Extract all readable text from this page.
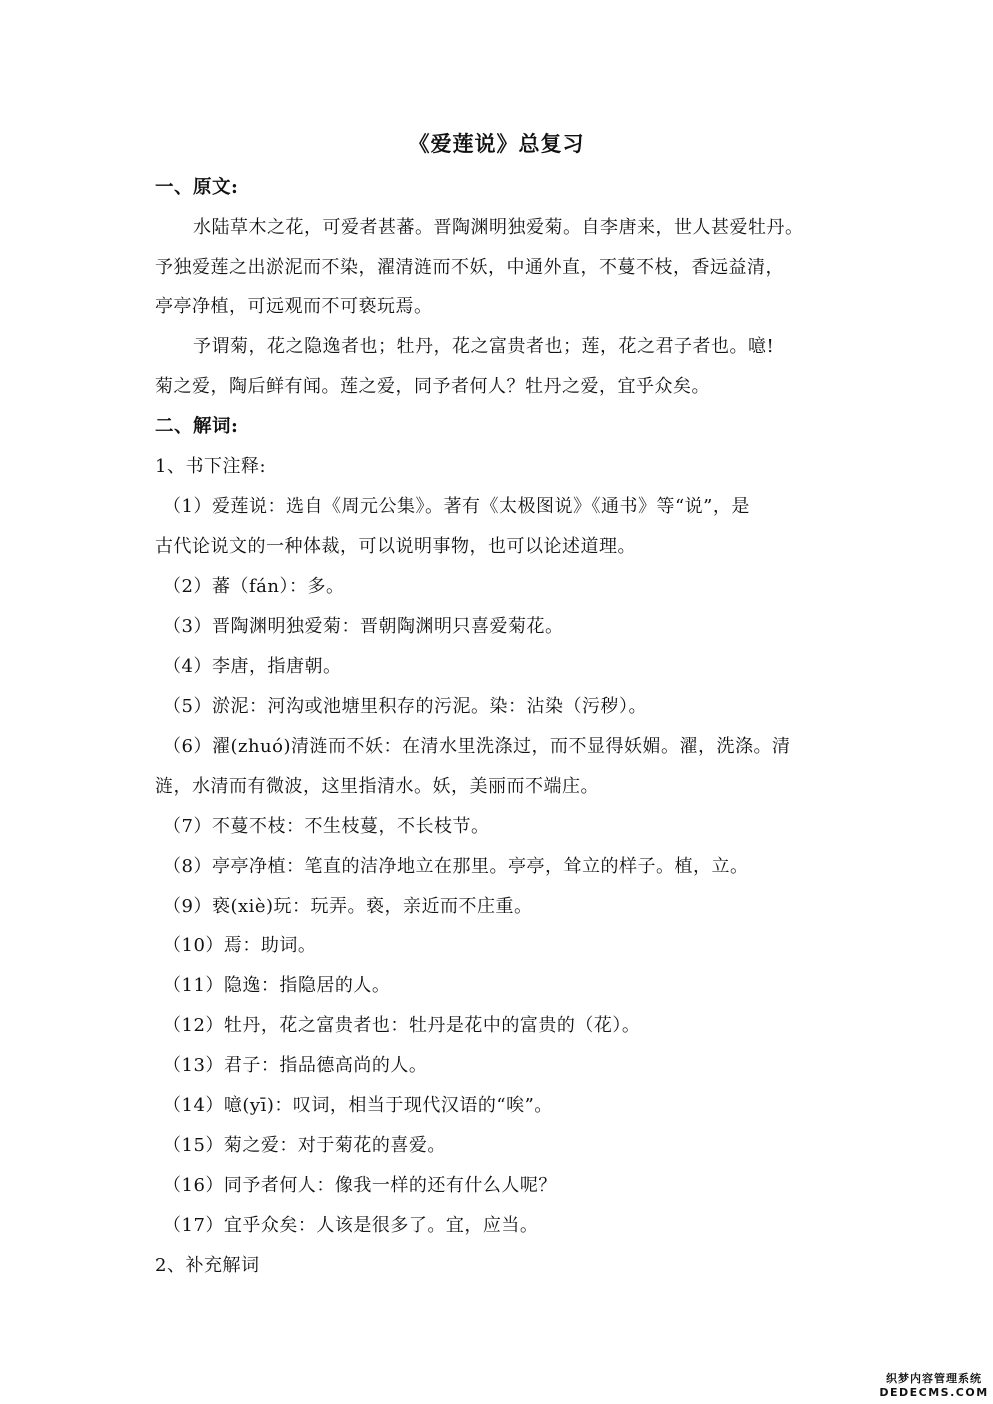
《爱莲说》总复习
一、原文:
水陆草木之花，可爱者甚蕃。晋陶渊明独爱菊。自李唐来，世人甚爱牡丹。
予独爱莲之出淤泥而不染，濯清涟而不妖，中通外直，不蔓不枝，香远益清，
亭亭净植，可远观而不可亵玩焉。
予谓菊，花之隐逸者也；牡丹，花之富贵者也；莲，花之君子者也。噫!
菊之爱，陶后鲜有闻。莲之爱，同予者何人？牡丹之爱，宜乎众矣。
二、解词:
1、书下注释:
（1）爱莲说：选自《周元公集》。著有《太极图说》《通书》等“说”，是
古代论说文的一种体裁，可以说明事物，也可以论述道理。
（2）蕃（fán）：多。
（3）晋陶渊明独爱菊：晋朝陶渊明只喜爱菊花。
（4）李唐，指唐朝。
（5）淤泥：河沟或池塘里积存的污泥。染：沾染（污秽）。
（6）濯(zhuó)清涟而不妖：在清水里洗涤过，而不显得妖媚。濯，洗涤。清
涟，水清而有微波，这里指清水。妖，美丽而不端庄。
（7）不蔓不枝：不生枝蔓，不长枝节。
（8）亭亭净植：笔直的洁净地立在那里。亭亭，耸立的样子。植，立。
（9）亵(xiè)玩：玩弄。亵，亲近而不庄重。
（10）焉：助词。
（11）隐逸：指隐居的人。
（12）牡丹，花之富贵者也：牡丹是花中的富贵的（花）。
（13）君子：指品德高尚的人。
（14）噫(yī)：叹词，相当于现代汉语的“唉”。
（15）菊之爱：对于菊花的喜爱。
（16）同予者何人：像我一样的还有什么人呢？
（17）宜乎众矣：人该是很多了。宜，应当。
2、补充解词
织梦内容管理系统
DEDECMS.COM
